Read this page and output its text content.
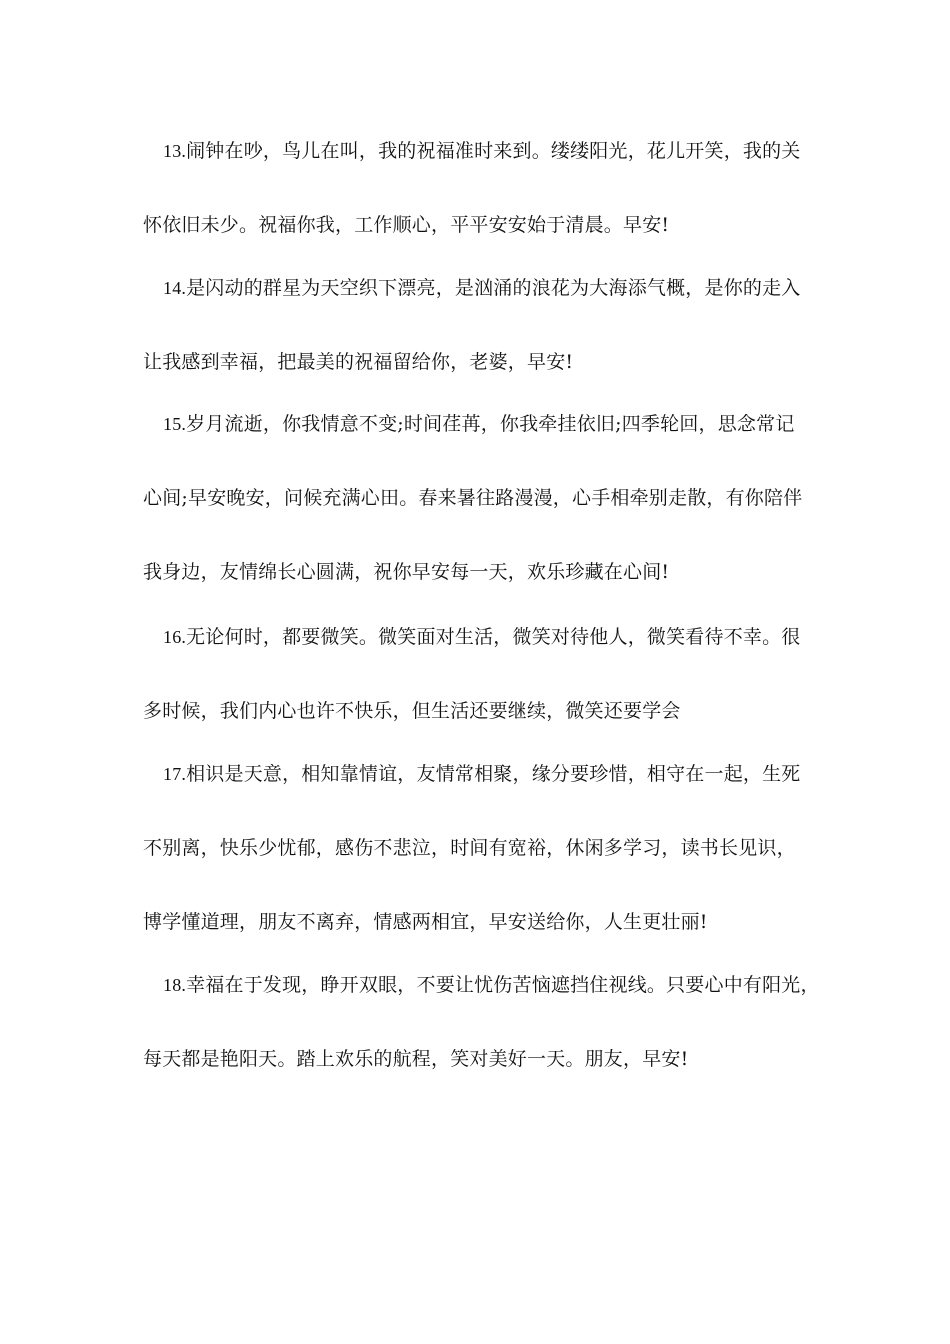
13.闹钟在吵，鸟儿在叫，我的祝福准时来到。缕缕阳光，花儿开笑，我的关
怀依旧未少。祝福你我，工作顺心，平平安安始于清晨。早安!
14.是闪动的群星为天空织下漂亮，是汹涌的浪花为大海添气概，是你的走入
让我感到幸福，把最美的祝福留给你，老婆，早安!
15.岁月流逝，你我情意不变;时间荏苒，你我牵挂依旧;四季轮回，思念常记
心间;早安晚安，问候充满心田。春来暑往路漫漫，心手相牵别走散，有你陪伴
我身边，友情绵长心圆满，祝你早安每一天，欢乐珍藏在心间!
16.无论何时，都要微笑。微笑面对生活，微笑对待他人，微笑看待不幸。很
多时候，我们内心也许不快乐，但生活还要继续，微笑还要学会
17.相识是天意，相知靠情谊，友情常相聚，缘分要珍惜，相守在一起，生死
不别离，快乐少忧郁，感伤不悲泣，时间有宽裕，休闲多学习，读书长见识，
博学懂道理，朋友不离弃，情感两相宜，早安送给你，人生更壮丽!
18.幸福在于发现，睁开双眼，不要让忧伤苦恼遮挡住视线。只要心中有阳光，
每天都是艳阳天。踏上欢乐的航程，笑对美好一天。朋友，早安!
